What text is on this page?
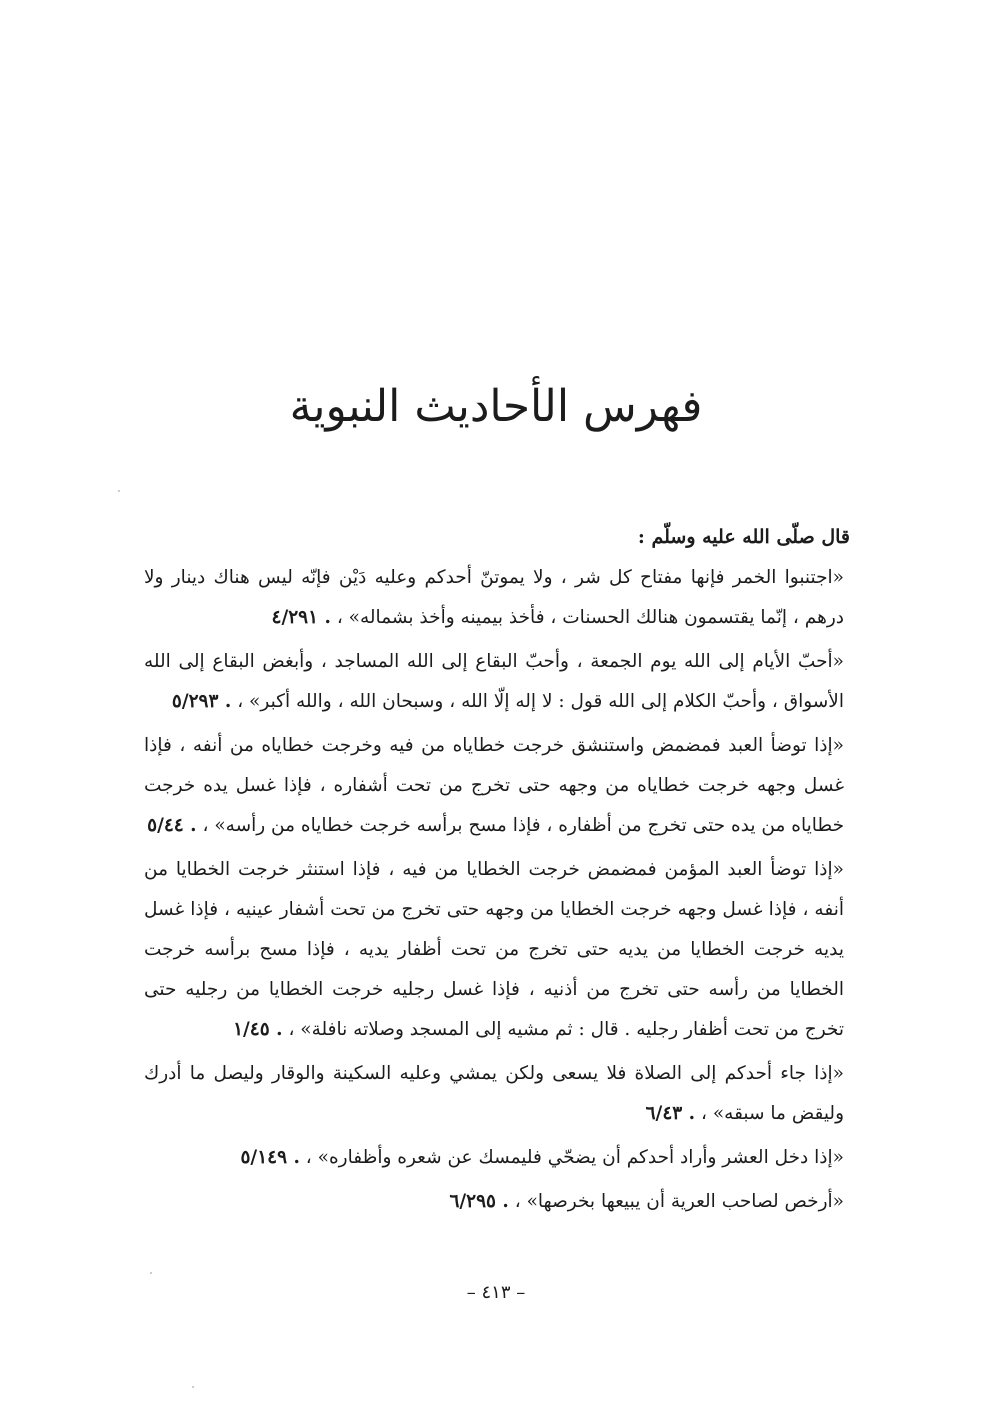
فهرس الأحاديث النبوية
قال صلّى الله عليه وسلّم :
«اجتنبوا الخمر فإنها مفتاح كل شر ، ولا يموتنّ أحدكم وعليه دَيْن فإنّه ليس هناك دينار ولا درهم ، إنّما يقتسمون هنالك الحسنات ، فأخذ بيمينه وأخذ بشماله» ، ٤/٢٩١ .
«أحبّ الأيام إلى الله يوم الجمعة ، وأحبّ البقاع إلى الله المساجد ، وأبغض البقاع إلى الله الأسواق ، وأحبّ الكلام إلى الله قول : لا إله إلّا الله ، وسبحان الله ، والله أكبر» ، ٥/٢٩٣ .
«إذا توضأ العبد فمضمض واستنشق خرجت خطاياه من فيه وخرجت خطاياه من أنفه ، فإذا غسل وجهه خرجت خطاياه من وجهه حتى تخرج من تحت أشفاره ، فإذا غسل يده خرجت خطاياه من يده حتى تخرج من أظفاره ، فإذا مسح برأسه خرجت خطاياه من رأسه» ، ٥/٤٤ .
«إذا توضأ العبد المؤمن فمضمض خرجت الخطايا من فيه ، فإذا استنثر خرجت الخطايا من أنفه ، فإذا غسل وجهه خرجت الخطايا من وجهه حتى تخرج من تحت أشفار عينيه ، فإذا غسل يديه خرجت الخطايا من يديه حتى تخرج من تحت أظفار يديه ، فإذا مسح برأسه خرجت الخطايا من رأسه حتى تخرج من أذنيه ، فإذا غسل رجليه خرجت الخطايا من رجليه حتى تخرج من تحت أظفار رجليه . قال : ثم مشيه إلى المسجد وصلاته نافلة» ، ١/٤٥ .
«إذا جاء أحدكم إلى الصلاة فلا يسعى ولكن يمشي وعليه السكينة والوقار وليصل ما أدرك وليقض ما سبقه» ، ٦/٤٣ .
«إذا دخل العشر وأراد أحدكم أن يضحّي فليمسك عن شعره وأظفاره» ، ٥/١٤٩ .
«أرخص لصاحب العرية أن يبيعها بخرصها» ، ٦/٢٩٥ .
– ٤١٣ –
